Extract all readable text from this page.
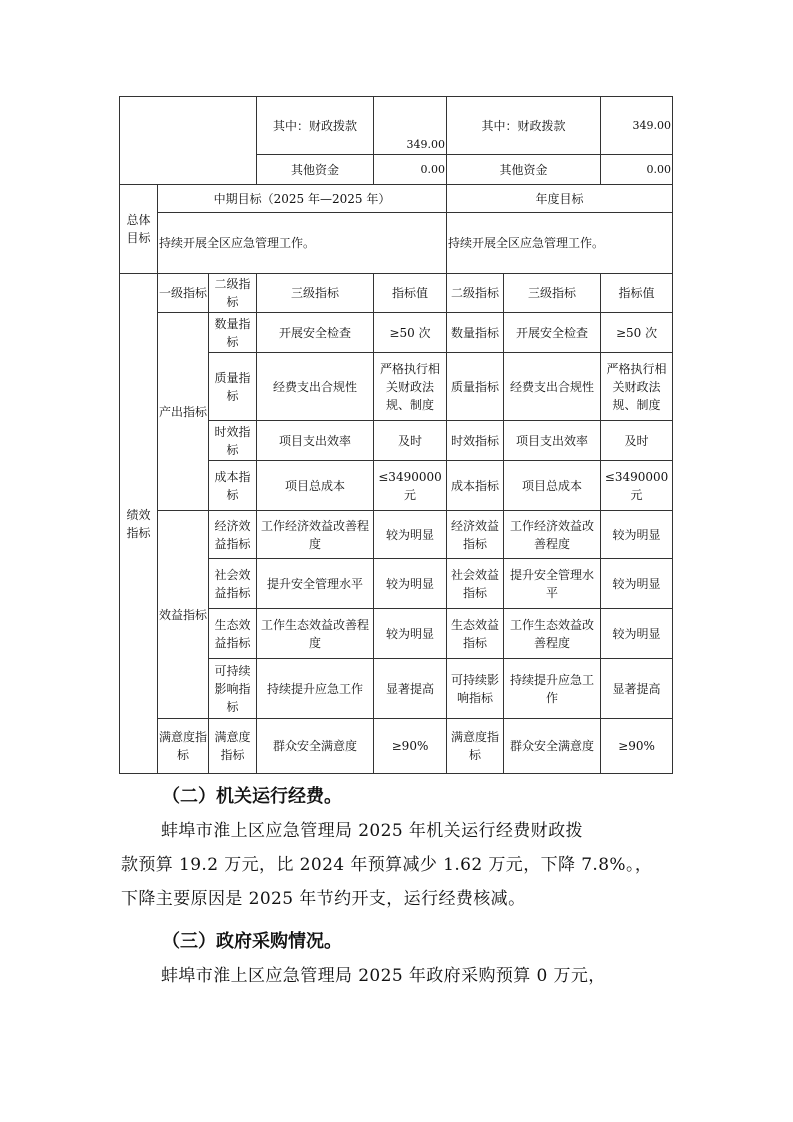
			其中：财政拨款	349.00	其中：财政拨款		349.00
			其他资金	0.00	其他资金		0.00
总体目标	中期目标（2025 年—2025 年）				年度目标		
	持续开展全区应急管理工作。				持续开展全区应急管理工作。		
绩效指标	一级指标	二级指标	三级指标	指标值	二级指标	三级指标	指标值
	产出指标	数量指标	开展安全检查	≥50 次	数量指标	开展安全检查	≥50 次
		质量指标	经费支出合规性	严格执行相关财政法规、制度	质量指标	经费支出合规性	严格执行相关财政法规、制度
		时效指标	项目支出效率	及时	时效指标	项目支出效率	及时
		成本指标	项目总成本	≤3490000元	成本指标	项目总成本	≤3490000元
	效益指标	经济效益指标	工作经济效益改善程度	较为明显	经济效益指标	工作经济效益改善程度	较为明显
		社会效益指标	提升安全管理水平	较为明显	社会效益指标	提升安全管理水平	较为明显
		生态效益指标	工作生态效益改善程度	较为明显	生态效益指标	工作生态效益改善程度	较为明显
		可持续影响指标	持续提升应急工作	显著提高	可持续影响指标	持续提升应急工作	显著提高
	满意度指标	满意度指标	群众安全满意度	≥90%	满意度指标	群众安全满意度	≥90%
（二）机关运行经费。
蚌埠市淮上区应急管理局 2025 年机关运行经费财政拨
款预算 19.2 万元，比 2024 年预算减少 1.62 万元，下降 7.8%。，
下降主要原因是 2025 年节约开支，运行经费核减。
（三）政府采购情况。
蚌埠市淮上区应急管理局 2025 年政府采购预算 0 万元，
